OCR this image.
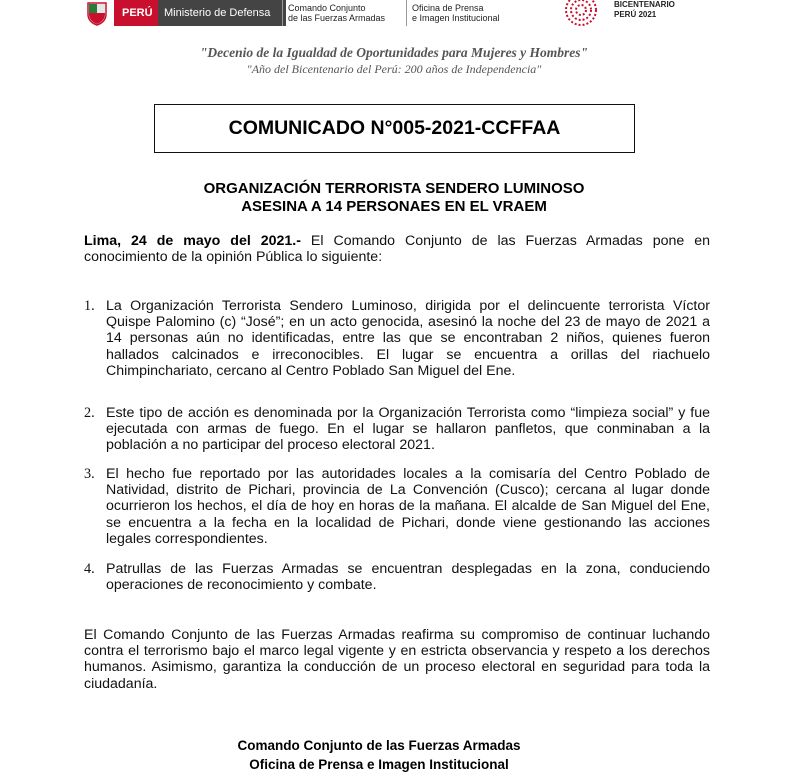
PERÚ	Ministerio de Defensa	Comando Conjunto
de las Fuerzas Armadas
Oficina de Prensa
e Imagen Institucional
BICENTENARIO
PERÚ 2021
"Decenio de la Igualdad de Oportunidades para Mujeres y Hombres"
"Año del Bicentenario del Perú: 200 años de Independencia"
COMUNICADO N°005-2021-CCFFAA
ORGANIZACIÓN TERRORISTA SENDERO LUMINOSO
ASESINA A 14 PERSONAES EN EL VRAEM
Lima, 24 de mayo del 2021.- El Comando Conjunto de las Fuerzas Armadas pone en conocimiento de la opinión Pública lo siguiente:
1. La Organización Terrorista Sendero Luminoso, dirigida por el delincuente terrorista Víctor Quispe Palomino (c) “José”; en un acto genocida, asesinó la noche del 23 de mayo de 2021 a 14 personas aún no identificadas, entre las que se encontraban 2 niños, quienes fueron hallados calcinados e irreconocibles. El lugar se encuentra a orillas del riachuelo Chimpinchariato, cercano al Centro Poblado San Miguel del Ene.
2. Este tipo de acción es denominada por la Organización Terrorista como “limpieza social” y fue ejecutada con armas de fuego. En el lugar se hallaron panfletos, que conminaban a la población a no participar del proceso electoral 2021.
3. El hecho fue reportado por las autoridades locales a la comisaría del Centro Poblado de Natividad, distrito de Pichari, provincia de La Convención (Cusco); cercana al lugar donde ocurrieron los hechos, el día de hoy en horas de la mañana. El alcalde de San Miguel del Ene, se encuentra a la fecha en la localidad de Pichari, donde viene gestionando las acciones legales correspondientes.
4. Patrullas de las Fuerzas Armadas se encuentran desplegadas en la zona, conduciendo operaciones de reconocimiento y combate.
El Comando Conjunto de las Fuerzas Armadas reafirma su compromiso de continuar luchando contra el terrorismo bajo el marco legal vigente y en estricta observancia y respeto a los derechos humanos. Asimismo, garantiza la conducción de un proceso electoral en seguridad para toda la ciudadanía.
Comando Conjunto de las Fuerzas Armadas
Oficina de Prensa e Imagen Institucional
